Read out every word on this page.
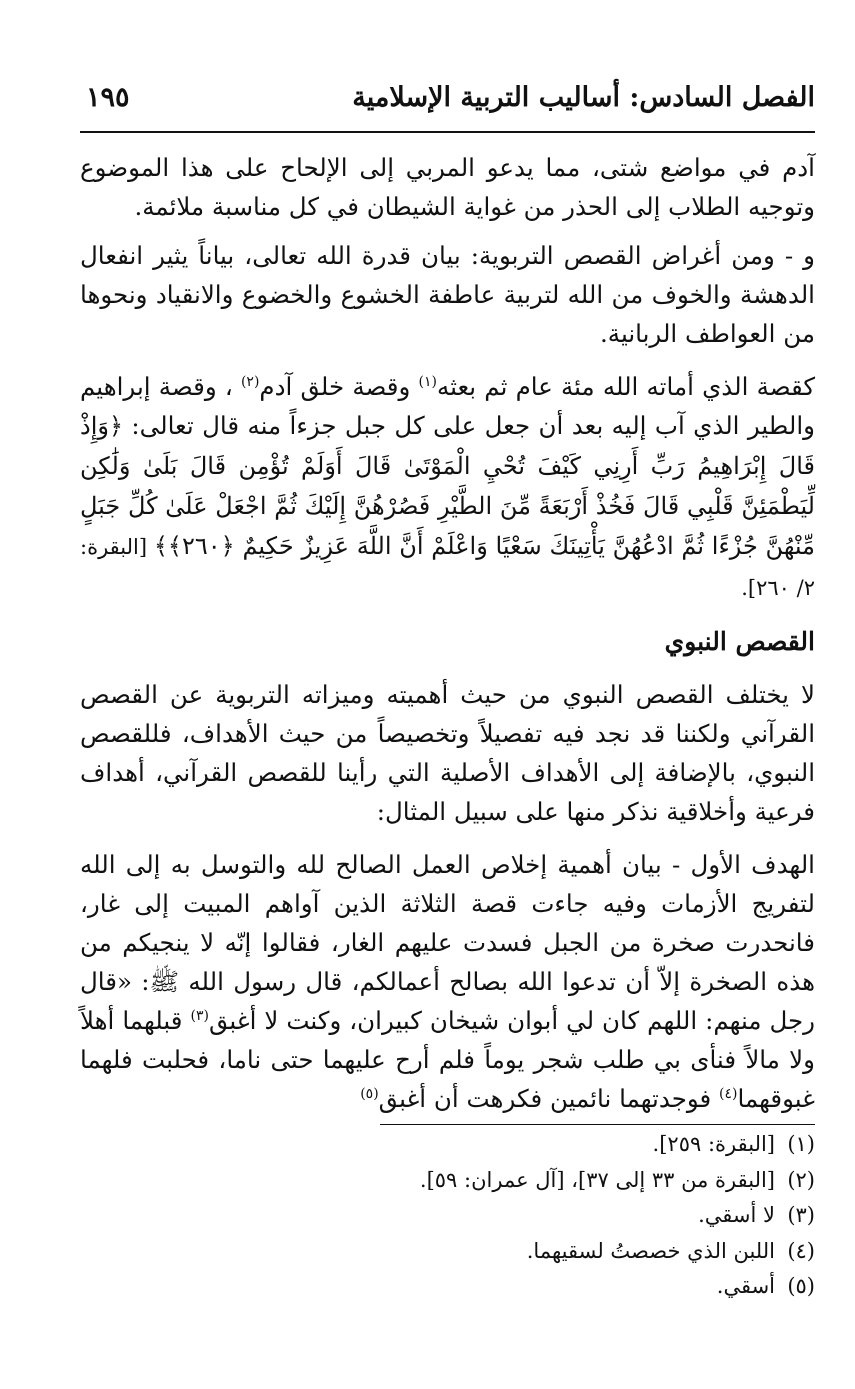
الفصل السادس: أساليب التربية الإسلامية
١٩٥

آدم في مواضع شتى، مما يدعو المربي إلى الإلحاح على هذا الموضوع وتوجيه الطلاب إلى الحذر من غواية الشيطان في كل مناسبة ملائمة.

و - ومن أغراض القصص التربوية: بيان قدرة الله تعالى، بياناً يثير انفعال الدهشة والخوف من الله لتربية عاطفة الخشوع والخضوع والانقياد ونحوها من العواطف الربانية.

كقصة الذي أماته الله مئة عام ثم بعثه$^{(١)}$ وقصة خلق آدم$^{(٢)}$ ، وقصة إبراهيم والطير الذي آب إليه بعد أن جعل على كل جبل جزءاً منه قال تعالى: ﴿وَإِذْ قَالَ إِبْرَاهِيمُ رَبِّ أَرِنِي كَيْفَ تُحْيِ الْمَوْتَىٰ قَالَ أَوَلَمْ تُؤْمِن قَالَ بَلَىٰ وَلَٰكِن لِّيَطْمَئِنَّ قَلْبِي قَالَ فَخُذْ أَرْبَعَةً مِّنَ الطَّيْرِ فَصُرْهُنَّ إِلَيْكَ ثُمَّ اجْعَلْ عَلَىٰ كُلِّ جَبَلٍ مِّنْهُنَّ جُزْءًا ثُمَّ ادْعُهُنَّ يَأْتِينَكَ سَعْيًا وَاعْلَمْ أَنَّ اللَّهَ عَزِيزٌ حَكِيمٌ ﴿٢٦٠﴾﴾ [البقرة: ٢/ ٢٦٠].

القصص النبوي

لا يختلف القصص النبوي من حيث أهميته وميزاته التربوية عن القصص القرآني ولكننا قد نجد فيه تفصيلاً وتخصيصاً من حيث الأهداف، فللقصص النبوي، بالإضافة إلى الأهداف الأصلية التي رأينا للقصص القرآني، أهداف فرعية وأخلاقية نذكر منها على سبيل المثال:

الهدف الأول - بيان أهمية إخلاص العمل الصالح لله والتوسل به إلى الله لتفريج الأزمات وفيه جاءت قصة الثلاثة الذين آواهم المبيت إلى غار، فانحدرت صخرة من الجبل فسدت عليهم الغار، فقالوا إنّه لا ينجيكم من هذه الصخرة إلاّ أن تدعوا الله بصالح أعمالكم، قال رسول الله ﷺ: «قال رجل منهم: اللهم كان لي أبوان شيخان كبيران، وكنت لا أغبق$^{(٣)}$ قبلهما أهلاً ولا مالاً فنأى بي طلب شجر يوماً فلم أرح عليهما حتى ناما، فحلبت فلهما غبوقهما$^{(٤)}$ فوجدتهما نائمين فكرهت أن أغبق$^{(٥)}$

(١)[البقرة: ٢٥٩].
(٢)[البقرة من ٣٣ إلى ٣٧]، [آل عمران: ٥٩].
(٣)لا أسقي.
(٤)اللبن الذي خصصتُ لسقيهما.
(٥)أسقي.
